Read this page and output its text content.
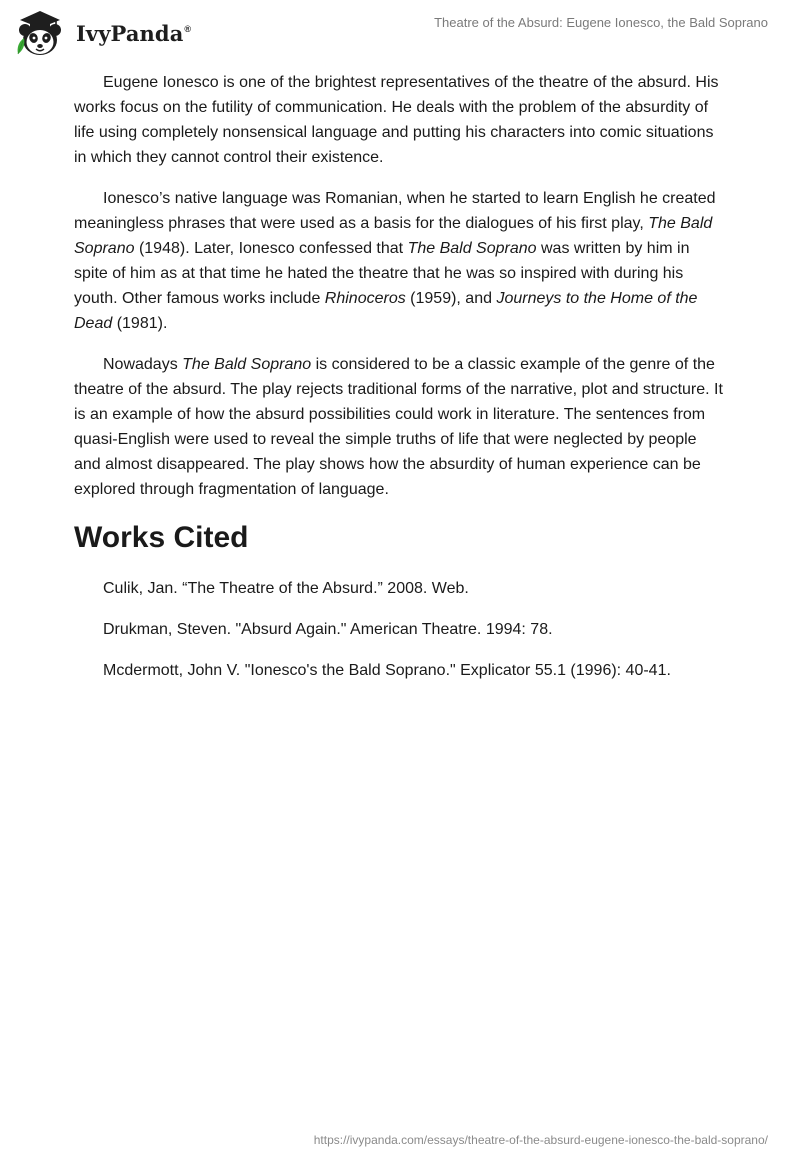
IvyPanda®	Theatre of the Absurd: Eugene Ionesco, the Bald Soprano

Eugene Ionesco is one of the brightest representatives of the theatre of the absurd. His works focus on the futility of communication. He deals with the problem of the absurdity of life using completely nonsensical language and putting his characters into comic situations in which they cannot control their existence.

Ionesco’s native language was Romanian, when he started to learn English he created meaningless phrases that were used as a basis for the dialogues of his first play, The Bald Soprano (1948). Later, Ionesco confessed that The Bald Soprano was written by him in spite of him as at that time he hated the theatre that he was so inspired with during his youth. Other famous works include Rhinoceros (1959), and Journeys to the Home of the Dead (1981).

Nowadays The Bald Soprano is considered to be a classic example of the genre of the theatre of the absurd. The play rejects traditional forms of the narrative, plot and structure. It is an example of how the absurd possibilities could work in literature. The sentences from quasi-English were used to reveal the simple truths of life that were neglected by people and almost disappeared. The play shows how the absurdity of human experience can be explored through fragmentation of language.

Works Cited
Culik, Jan. “The Theatre of the Absurd.” 2008. Web.
Drukman, Steven. "Absurd Again." American Theatre. 1994: 78.
Mcdermott, John V. "Ionesco's the Bald Soprano." Explicator 55.1 (1996): 40-41.
https://ivypanda.com/essays/theatre-of-the-absurd-eugene-ionesco-the-bald-soprano/
